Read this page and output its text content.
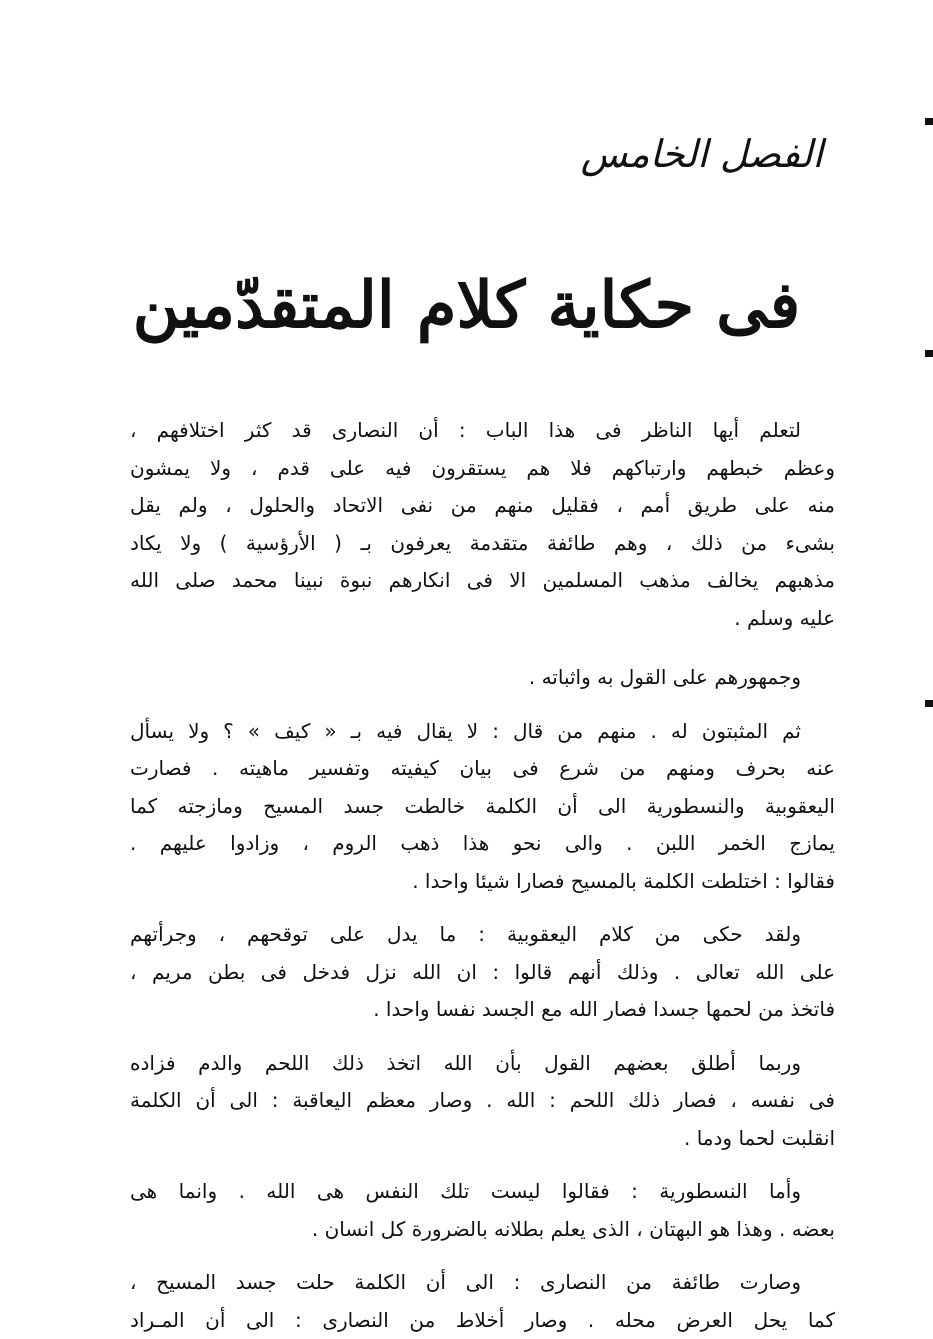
الفصل الخامس
فى حكاية كلام المتقدّمين

لتعلم أيها الناظر فى هذا الباب : أن النصارى قد كثر اختلافهم ،
وعظم خبطهم وارتباكهم فلا هم يستقرون فيه على قدم ، ولا يمشون
منه على طريق أمم ، فقليل منهم من نفى الاتحاد والحلول ، ولم يقل
بشىء من ذلك ، وهم طائفة متقدمة يعرفون بـ ( الأرؤسية ) ولا يكاد
مذهبهم يخالف مذهب المسلمين الا فى انكارهم نبوة نبينا محمد صلى الله
عليه وسلم .

وجمهورهم على القول به واثباته .

ثم المثبتون له . منهم من قال : لا يقال فيه بـ « كيف » ؟ ولا يسأل
عنه بحرف ومنهم من شرع فى بيان كيفيته وتفسير ماهيته . فصارت
اليعقوبية والنسطورية الى أن الكلمة خالطت جسد المسيح ومازجته كما
يمازج الخمر اللبن . والى نحو هذا ذهب الروم ، وزادوا عليهم .
فقالوا : اختلطت الكلمة بالمسيح فصارا شيئا واحدا .

ولقد حكى من كلام اليعقوبية : ما يدل على توقحهم ، وجرأتهم
على الله تعالى . وذلك أنهم قالوا : ان الله نزل فدخل فى بطن مريم ،
فاتخذ من لحمها جسدا فصار الله مع الجسد نفسا واحدا .

وربما أطلق بعضهم القول بأن الله اتخذ ذلك اللحم والدم فزاده
فى نفسه ، فصار ذلك اللحم : الله . وصار معظم اليعاقبة : الى أن الكلمة
انقلبت لحما ودما .

وأما النسطورية : فقالوا ليست تلك النفس هى الله . وانما هى
بعضه . وهذا هو البهتان ، الذى يعلم بطلانه بالضرورة كل انسان .

وصارت طائفة من النصارى : الى أن الكلمة حلت جسد المسيح ،
كما يحل العرض محله . وصار أخلاط من النصارى : الى أن المـراد
